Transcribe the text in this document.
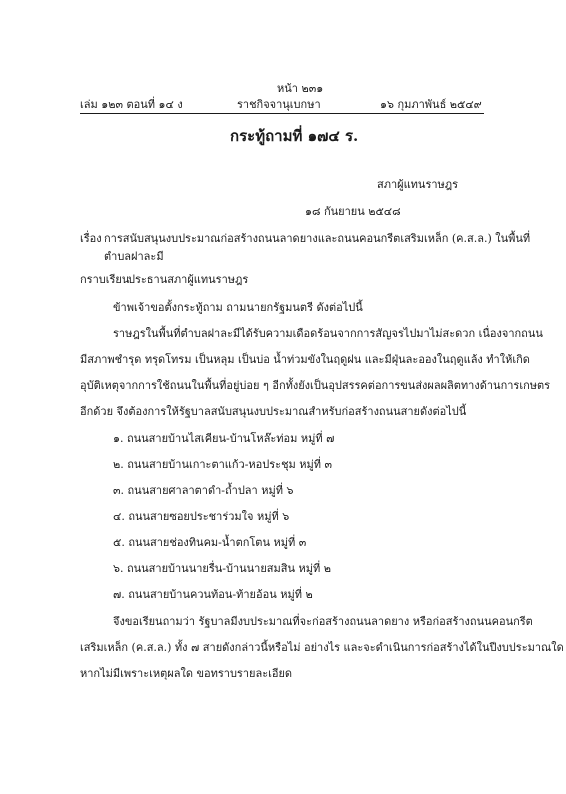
หน้า ๒๓๑
เล่ม ๑๒๓ ตอนที่ ๑๔ ง	ราชกิจจานุเบกษา	๑๖ กุมภาพันธ์ ๒๕๔๙
กระทู้ถามที่ ๑๗๔ ร.
สภาผู้แทนราษฎร
๑๘ กันยายน ๒๕๔๘
เรื่อง การสนับสนุนงบประมาณก่อสร้างถนนลาดยางและถนนคอนกรีตเสริมเหล็ก (ค.ส.ล.) ในพื้นที่
ตำบลฝาละมี
กราบเรียน
ประธานสภาผู้แทนราษฎร
ข้าพเจ้าขอตั้งกระทู้ถาม ถามนายกรัฐมนตรี ดังต่อไปนี้
ราษฎรในพื้นที่ตำบลฝาละมีได้รับความเดือดร้อนจากการสัญจรไปมาไม่สะดวก เนื่องจากถนน
มีสภาพชำรุด ทรุดโทรม เป็นหลุม เป็นบ่อ น้ำท่วมขังในฤดูฝน และมีฝุ่นละอองในฤดูแล้ง ทำให้เกิด
อุบัติเหตุจากการใช้ถนนในพื้นที่อยู่บ่อย ๆ อีกทั้งยังเป็นอุปสรรคต่อการขนส่งผลผลิตทางด้านการเกษตร
อีกด้วย จึงต้องการให้รัฐบาลสนับสนุนงบประมาณสำหรับก่อสร้างถนนสายดังต่อไปนี้
๑. ถนนสายบ้านไสเคียน-บ้านโหล๊ะท่อม หมู่ที่ ๗
๒. ถนนสายบ้านเกาะตาแก้ว-หอประชุม หมู่ที่ ๓
๓. ถนนสายศาลาตาดำ-ถ้ำปลา หมู่ที่ ๖
๔. ถนนสายซอยประชาร่วมใจ หมู่ที่ ๖
๕. ถนนสายช่องทินคม-น้ำตกโตน หมู่ที่ ๓
๖. ถนนสายบ้านนายรื่น-บ้านนายสมสิน หมู่ที่ ๒
๗. ถนนสายบ้านควนท้อน-ท้ายอ้อน หมู่ที่ ๒
จึงขอเรียนถามว่า รัฐบาลมีงบประมาณที่จะก่อสร้างถนนลาดยาง หรือก่อสร้างถนนคอนกรีต
เสริมเหล็ก (ค.ส.ล.) ทั้ง ๗ สายดังกล่าวนี้หรือไม่ อย่างไร และจะดำเนินการก่อสร้างได้ในปีงบประมาณใด
หากไม่มีเพราะเหตุผลใด ขอทราบรายละเอียด
